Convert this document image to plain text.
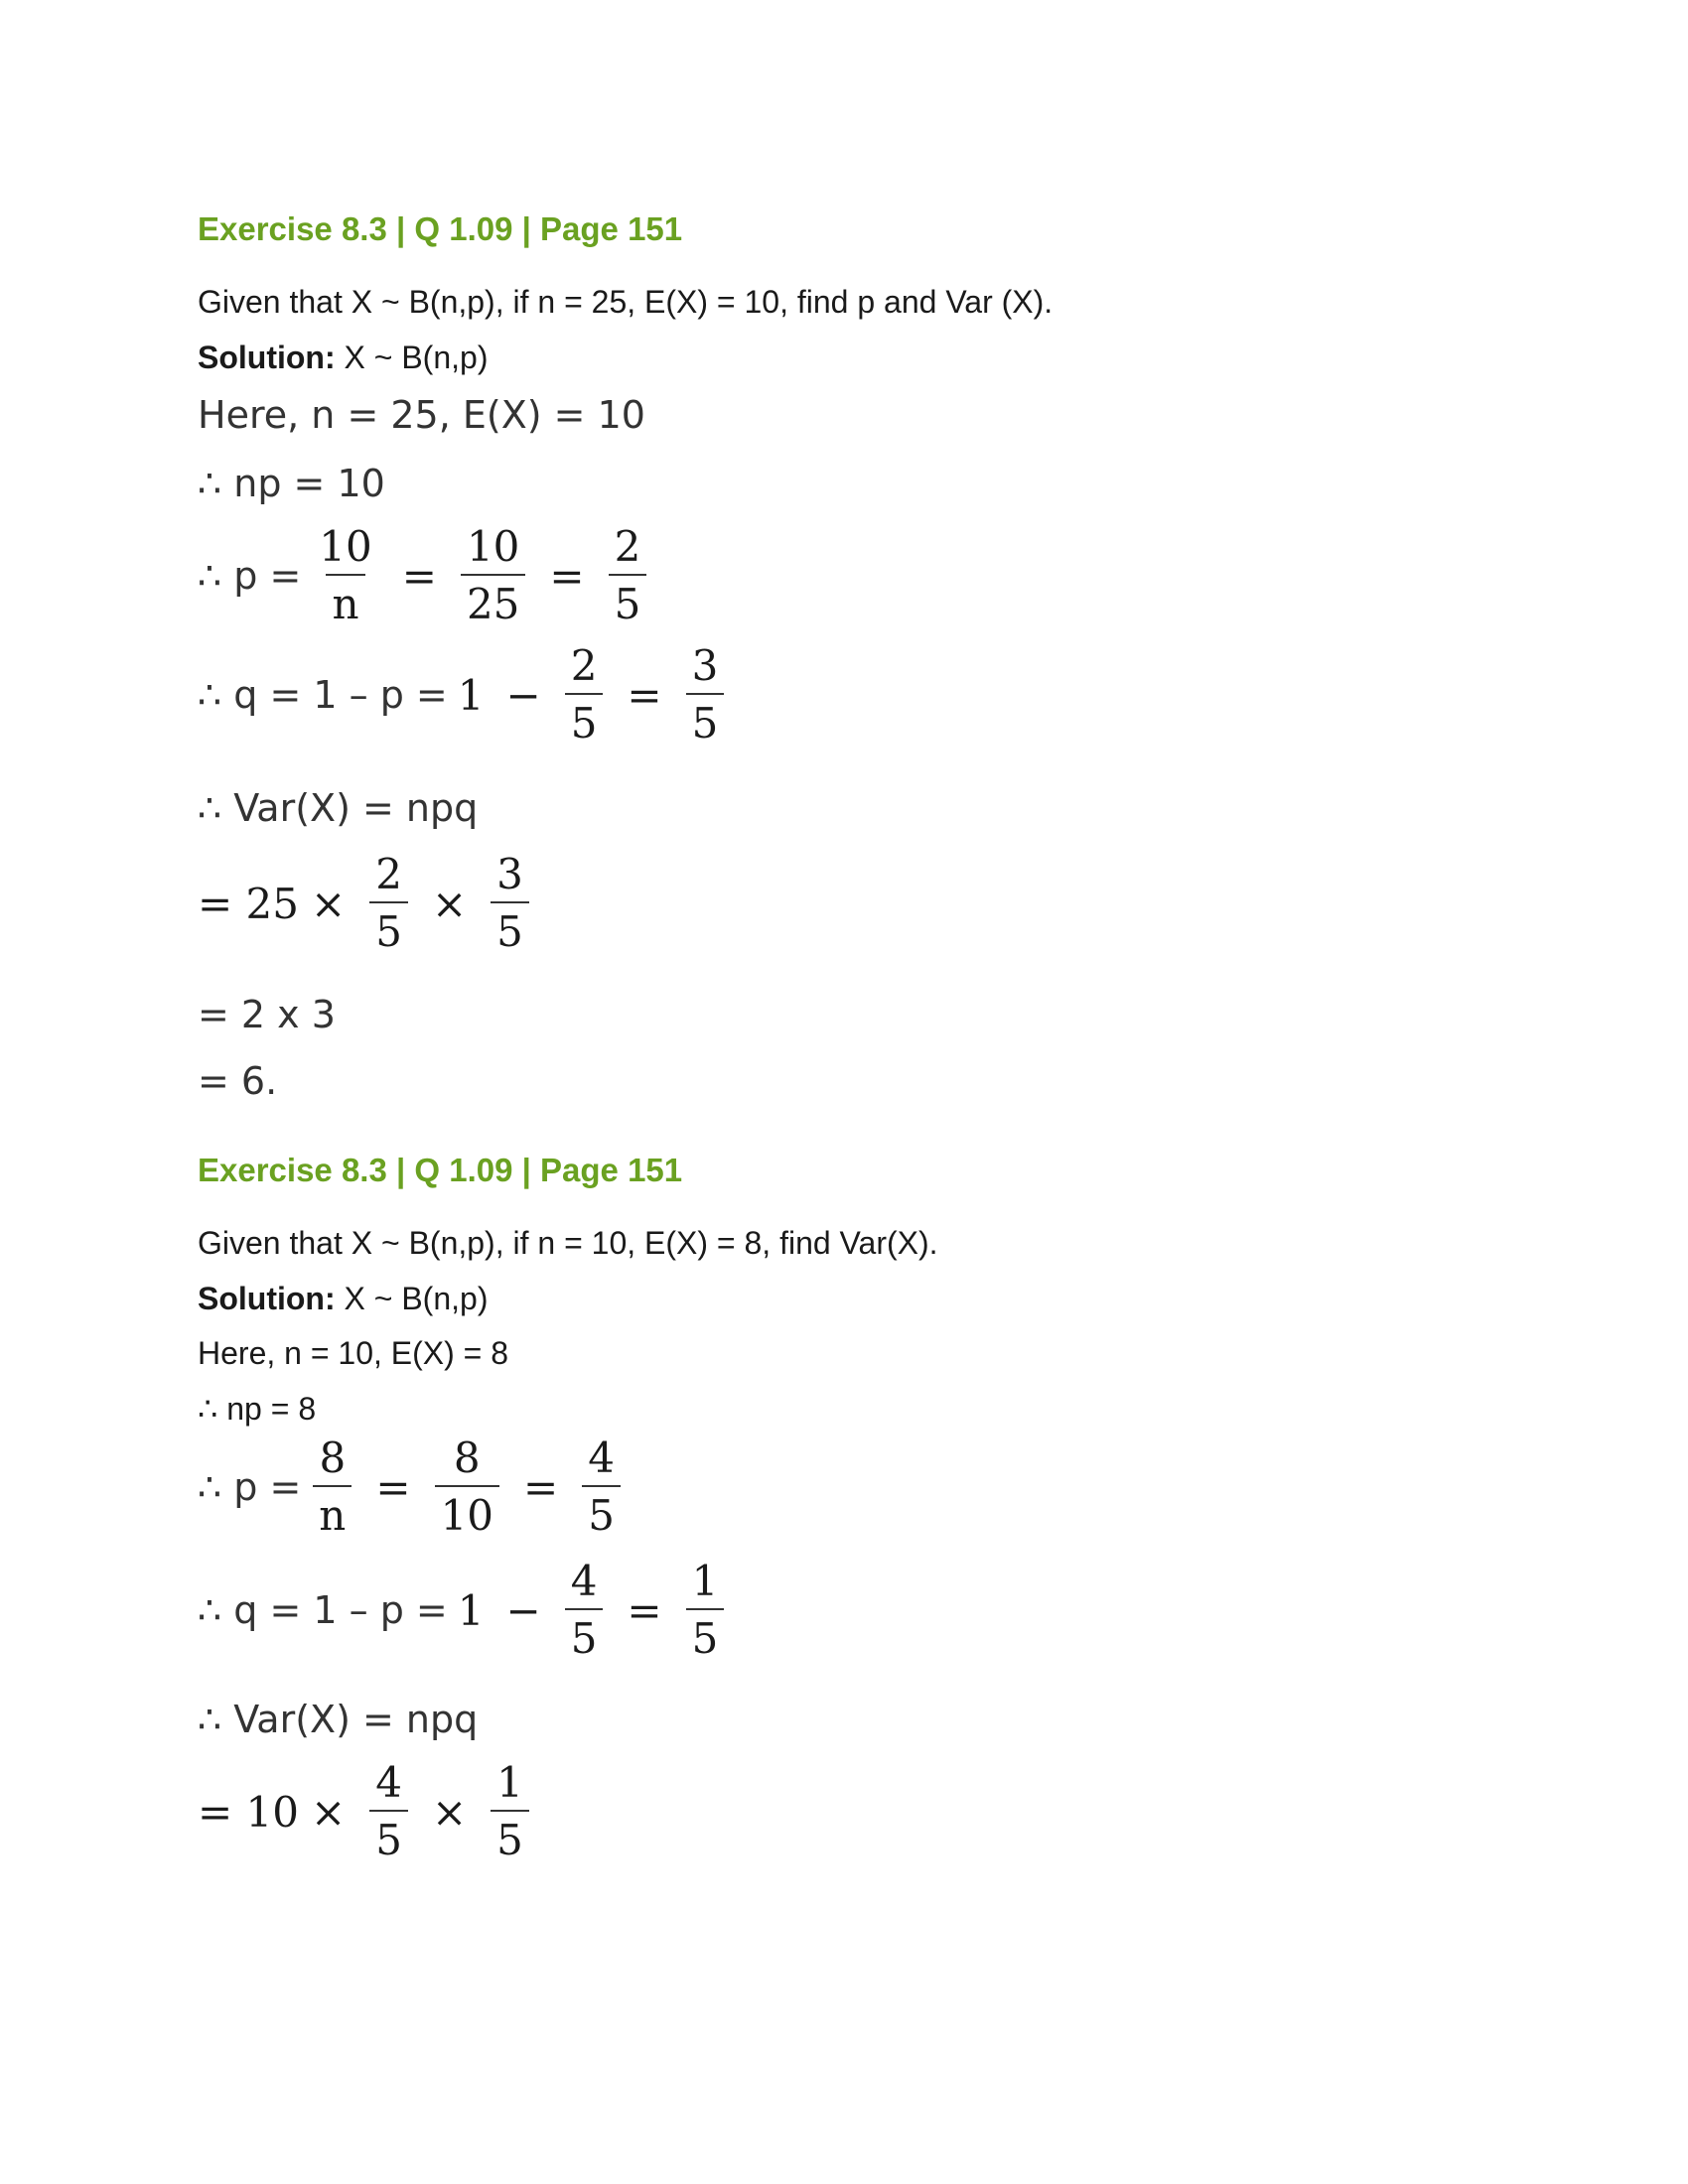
Exercise 8.3 | Q 1.09 | Page 151
Given that X ~ B(n,p), if n = 25, E(X) = 10, find p and Var (X).
Solution: X ~ B(n,p)
Here, n = 25, E(X) = 10
∴ np = 10
∴ $p = \frac{10}{n} = \frac{10}{25} = \frac{2}{5}$
∴ $q = 1 - p = 1 - \frac{2}{5} = \frac{3}{5}$
∴ Var(X) = npq
= $25 \times \frac{2}{5} \times \frac{3}{5}$
= 2 x 3
= 6.
Exercise 8.3 | Q 1.09 | Page 151
Given that X ~ B(n,p), if n = 10, E(X) = 8, find Var(X).
Solution: X ~ B(n,p)
Here, n = 10, E(X) = 8
∴ np = 8
∴ $p = \frac{8}{n} = \frac{8}{10} = \frac{4}{5}$
∴ $q = 1 - p = 1 - \frac{4}{5} = \frac{1}{5}$
∴ Var(X) = npq
= $10 \times \frac{4}{5} \times \frac{1}{5}$
